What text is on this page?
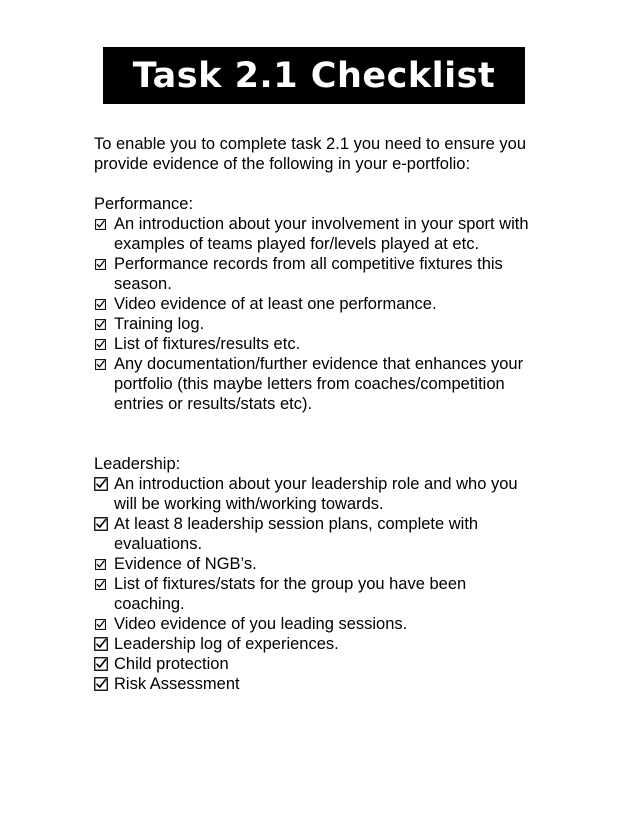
Task 2.1 Checklist

To enable you to complete task 2.1 you need to ensure you

provide evidence of the following in your e-portfolio:

Performance:

An introduction about your involvement in your sport with
examples of teams played for/levels played at etc.
Performance records from all competitive fixtures this
season.
Video evidence of at least one performance.
Training log.
List of fixtures/results etc.
Any documentation/further evidence that enhances your
portfolio (this maybe letters from coaches/competition
entries or results/stats etc).

Leadership:

An introduction about your leadership role and who you
will be working with/working towards.
At least 8 leadership session plans, complete with
evaluations.
Evidence of NGB’s.
List of fixtures/stats for the group you have been
coaching.
Video evidence of you leading sessions.
Leadership log of experiences.
Child protection
Risk Assessment
